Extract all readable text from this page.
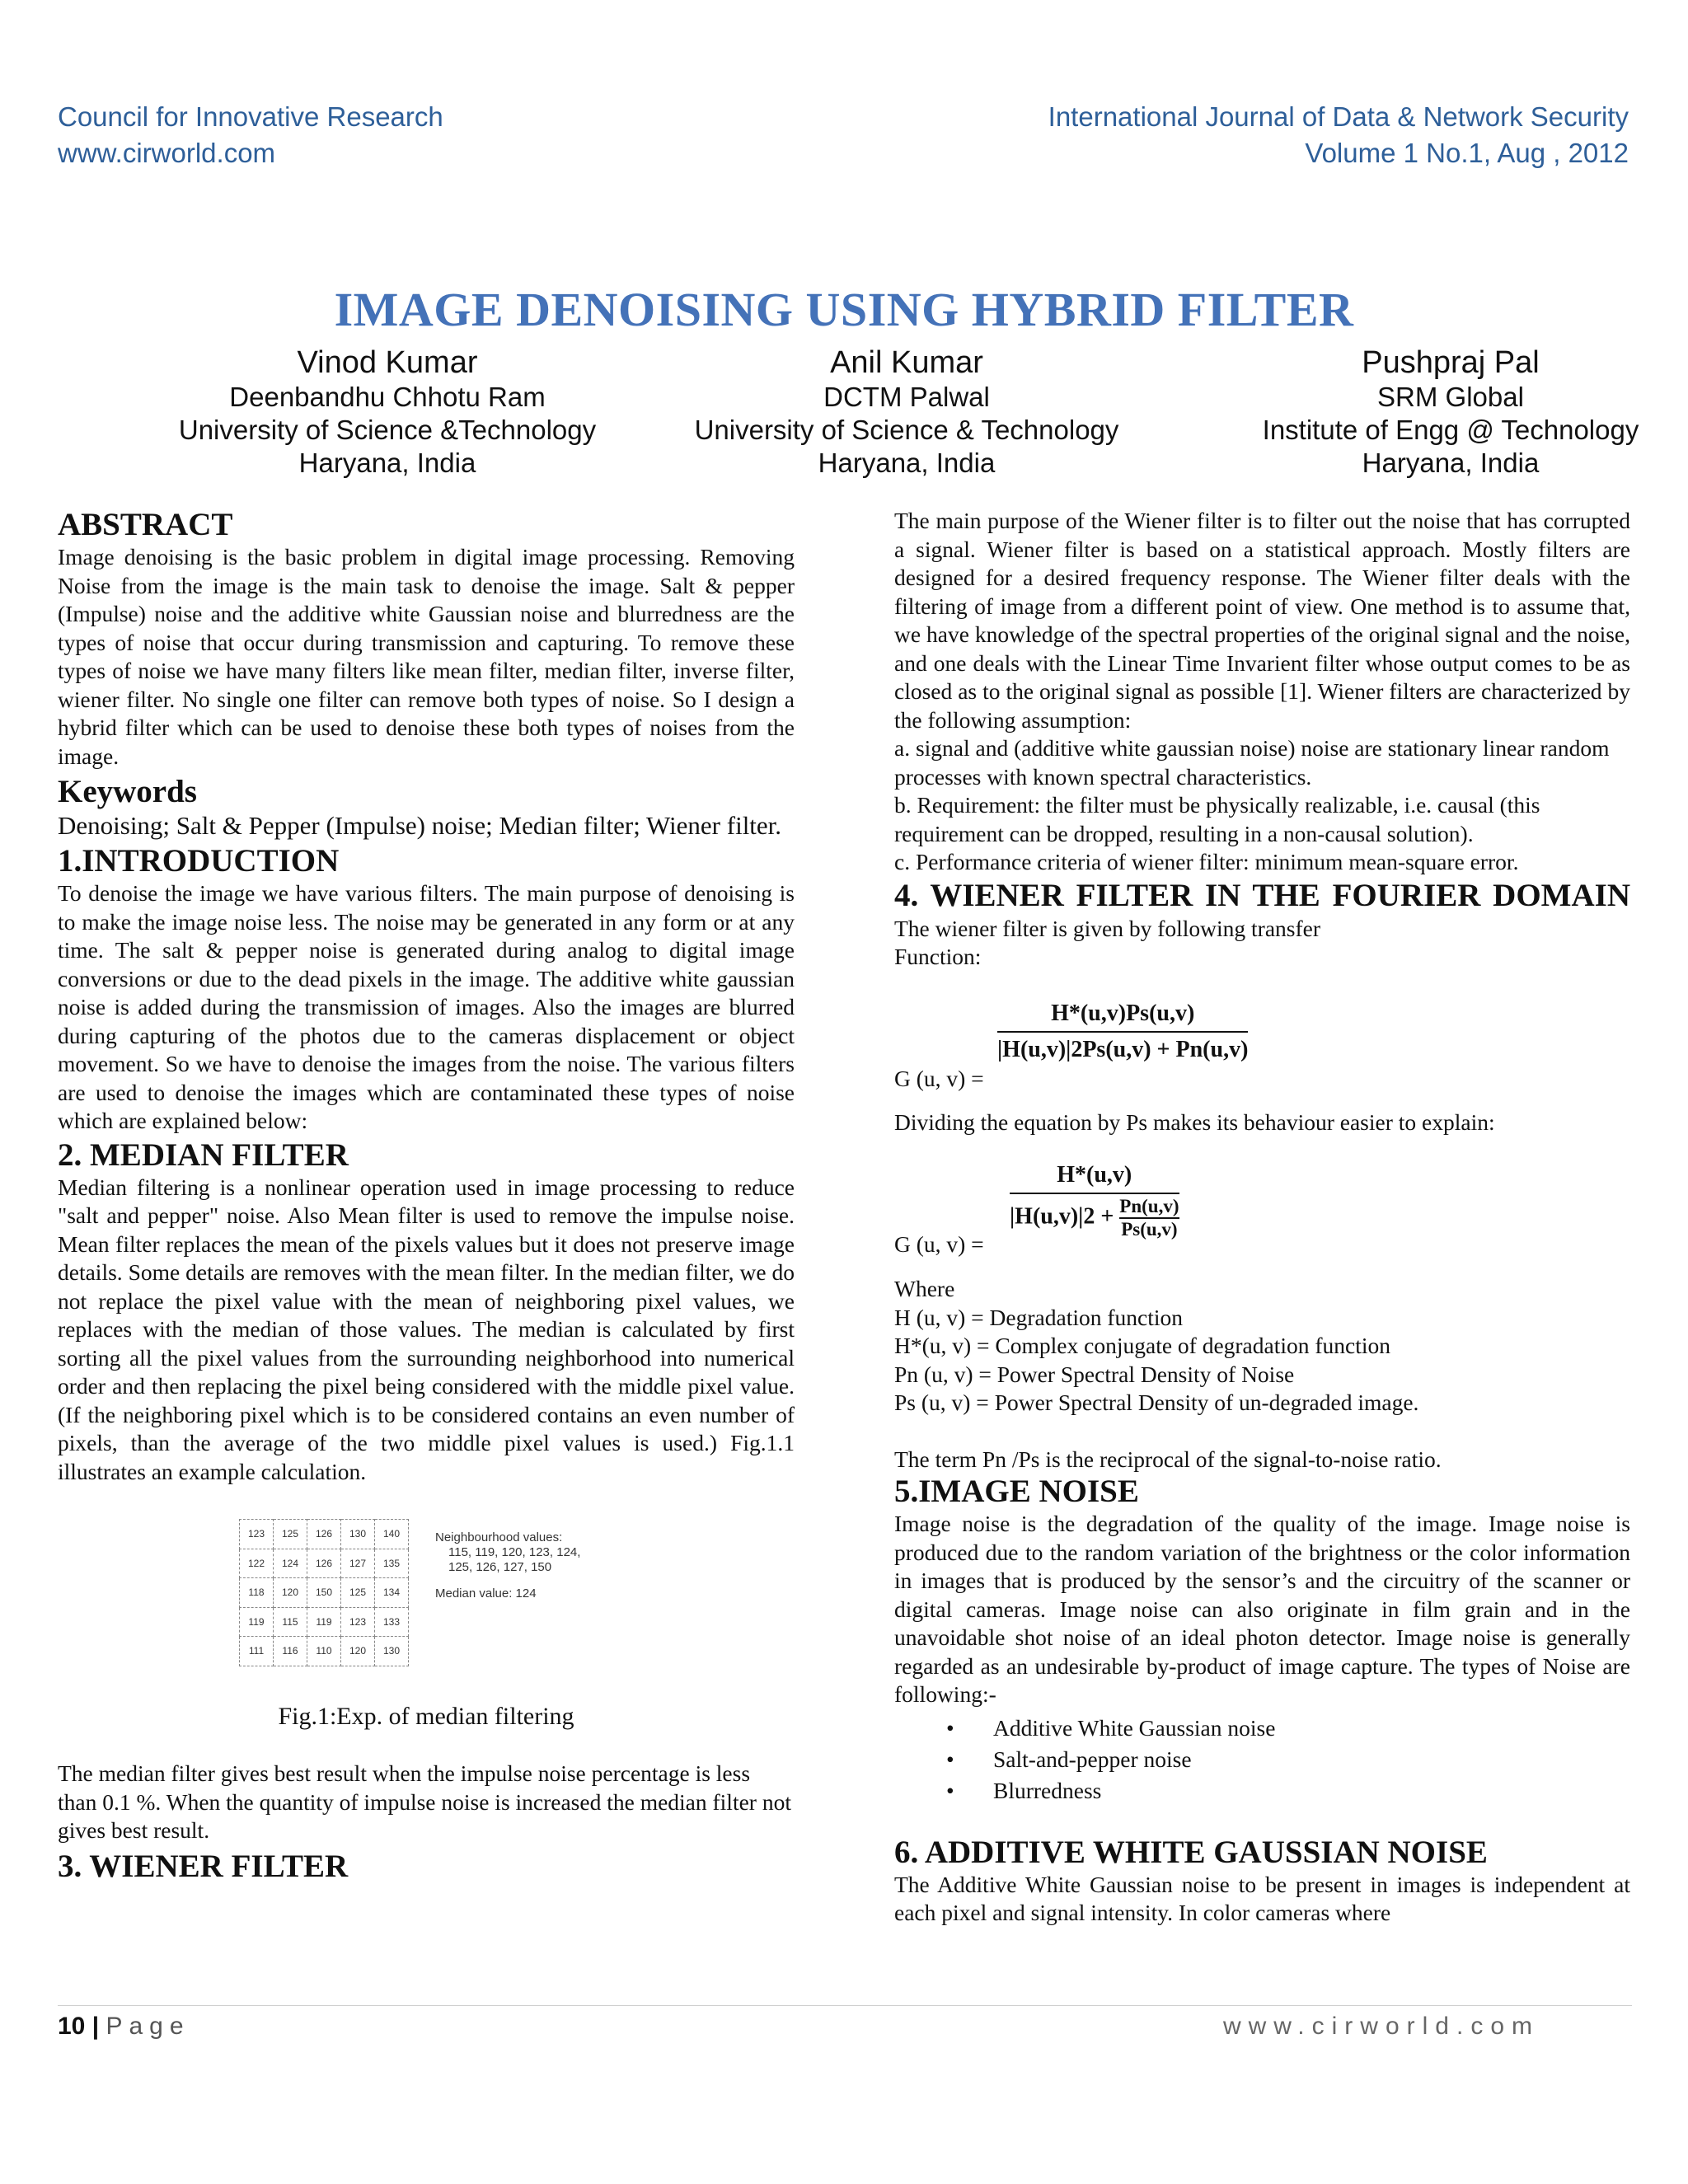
Council for Innovative Research
www.cirworld.com
International Journal of Data & Network Security
Volume 1 No.1, Aug , 2012
IMAGE DENOISING USING HYBRID FILTER
Vinod Kumar
Deenbandhu Chhotu Ram
University of Science &Technology
Haryana, India
Anil Kumar
DCTM Palwal
University of Science & Technology
Haryana, India
Pushpraj Pal
SRM Global
Institute of Engg @ Technology
Haryana, India
ABSTRACT

Image denoising is the basic problem in digital image processing. Removing Noise from the image is the main task to denoise the image. Salt & pepper (Impulse) noise and the additive white Gaussian noise and blurredness are the types of noise that occur during transmission and capturing. To remove these types of noise we have many filters like mean filter, median filter, inverse filter, wiener filter. No single one filter can remove both types of noise. So I design a hybrid filter which can be used to denoise these both types of noises from the image.

Keywords

Denoising; Salt & Pepper (Impulse) noise; Median filter; Wiener filter.

1.INTRODUCTION

To denoise the image we have various filters. The main purpose of denoising is to make the image noise less. The noise may be generated in any form or at any time. The salt & pepper noise is generated during analog to digital image conversions or due to the dead pixels in the image. The additive white gaussian noise is added during the transmission of images. Also the images are blurred during capturing of the photos due to the cameras displacement or object movement. So we have to denoise the images from the noise. The various filters are used to denoise the images which are contaminated these types of noise which are explained below:

2. MEDIAN FILTER

Median filtering is a nonlinear operation used in image processing to reduce "salt and pepper" noise. Also Mean filter is used to remove the impulse noise. Mean filter replaces the mean of the pixels values but it does not preserve image details. Some details are removes with the mean filter. In the median filter, we do not replace the pixel value with the mean of neighboring pixel values, we replaces with the median of those values. The median is calculated by first sorting all the pixel values from the surrounding neighborhood into numerical order and then replacing the pixel being considered with the middle pixel value. (If the neighboring pixel which is to be considered contains an even number of pixels, than the average of the two middle pixel values is used.) Fig.1.1 illustrates an example calculation.

123	125	126	130	140
122	124	126	127	135
118	120	150	125	134
119	115	119	123	133
111	116	110	120	130
Neighbourhood values:
115, 119, 120, 123, 124,
125, 126, 127, 150
Median value: 124
Fig.1:Exp. of median filtering

The median filter gives best result when the impulse noise percentage is less than 0.1 %. When the quantity of impulse noise is increased the median filter not gives best result.

3. WIENER FILTER

The main purpose of the Wiener filter is to filter out the noise that has corrupted a signal. Wiener filter is based on a statistical approach. Mostly filters are designed for a desired frequency response. The Wiener filter deals with the filtering of image from a different point of view. One method is to assume that, we have knowledge of the spectral properties of the original signal and the noise, and one deals with the Linear Time Invarient filter whose output comes to be as closed as to the original signal as possible [1]. Wiener filters are characterized by the following assumption:

a. signal and (additive white gaussian noise) noise are stationary linear random processes with known spectral characteristics.

b. Requirement: the filter must be physically realizable, i.e. causal (this requirement can be dropped, resulting in a non-causal solution).

c. Performance criteria of wiener filter: minimum mean-square error.

4. WIENER FILTER IN THE FOURIER DOMAIN

The wiener filter is given by following transfer

Function:

G (u, v) =
$\frac{H*(u,v)Ps(u,v)}{|H(u,v)|2Ps(u,v) + Pn(u,v)}$

Dividing the equation by Ps makes its behaviour easier to explain:

G (u, v) =
$\frac{H*(u,v)}{|H(u,v)|2 + \frac{Pn(u,v)}{Ps(u,v)}}$

Where

H (u, v) = Degradation function

H*(u, v) = Complex conjugate of degradation function

Pn (u, v) = Power Spectral Density of Noise

Ps (u, v) = Power Spectral Density of un-degraded image.

The term Pn /Ps is the reciprocal of the signal-to-noise ratio.

5.IMAGE NOISE

Image noise is the degradation of the quality of the image. Image noise is produced due to the random variation of the brightness or the color information in images that is produced by the sensor’s and the circuitry of the scanner or digital cameras. Image noise can also originate in film grain and in the unavoidable shot noise of an ideal photon detector. Image noise is generally regarded as an undesirable by-product of image capture. The types of Noise are following:-

• Additive White Gaussian noise
• Salt-and-pepper noise
• Blurredness
6. ADDITIVE WHITE GAUSSIAN NOISE

The Additive White Gaussian noise to be present in images is independent at each pixel and signal intensity. In color cameras where

10 | Page	www.cirworld.com
